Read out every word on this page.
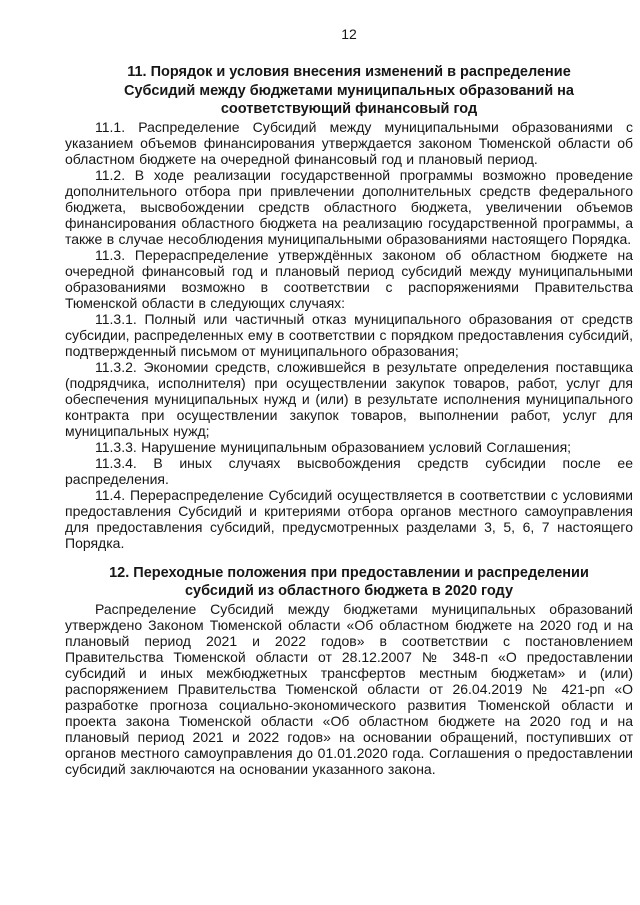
12
11. Порядок и условия внесения изменений в распределение
Субсидий между бюджетами муниципальных образований на
соответствующий финансовый год

11.1. Распределение Субсидий между муниципальными образованиями с указанием объемов финансирования утверждается законом Тюменской области об областном бюджете на очередной финансовый год и плановый период.

11.2. В ходе реализации государственной программы возможно проведение дополнительного отбора при привлечении дополнительных средств федерального бюджета, высвобождении средств областного бюджета, увеличении объемов финансирования областного бюджета на реализацию государственной программы, а также в случае несоблюдения муниципальными образованиями настоящего Порядка.

11.3. Перераспределение утверждённых законом об областном бюджете на очередной финансовый год и плановый период субсидий между муниципальными образованиями возможно в соответствии с распоряжениями Правительства Тюменской области в следующих случаях:

11.3.1. Полный или частичный отказ муниципального образования от средств субсидии, распределенных ему в соответствии с порядком предоставления субсидий, подтвержденный письмом от муниципального образования;

11.3.2. Экономии средств, сложившейся в результате определения поставщика (подрядчика, исполнителя) при осуществлении закупок товаров, работ, услуг для обеспечения муниципальных нужд и (или) в результате исполнения муниципального контракта при осуществлении закупок товаров, выполнении работ, услуг для муниципальных нужд;

11.3.3. Нарушение муниципальным образованием условий Соглашения;

11.3.4. В иных случаях высвобождения средств субсидии после ее распределения.

11.4. Перераспределение Субсидий осуществляется в соответствии с условиями предоставления Субсидий и критериями отбора органов местного самоуправления для предоставления субсидий, предусмотренных разделами 3, 5, 6, 7 настоящего Порядка.

12. Переходные положения при предоставлении и распределении
субсидий из областного бюджета в 2020 году

Распределение Субсидий между бюджетами муниципальных образований утверждено Законом Тюменской области «Об областном бюджете на 2020 год и на плановый период 2021 и 2022 годов» в соответствии с постановлением Правительства Тюменской области от 28.12.2007 № 348-п «О предоставлении субсидий и иных межбюджетных трансфертов местным бюджетам» и (или) распоряжением Правительства Тюменской области от 26.04.2019 № 421-рп «О разработке прогноза социально-экономического развития Тюменской области и проекта закона Тюменской области «Об областном бюджете на 2020 год и на плановый период 2021 и 2022 годов» на основании обращений, поступивших от органов местного самоуправления до 01.01.2020 года. Соглашения о предоставлении субсидий заключаются на основании указанного закона.
